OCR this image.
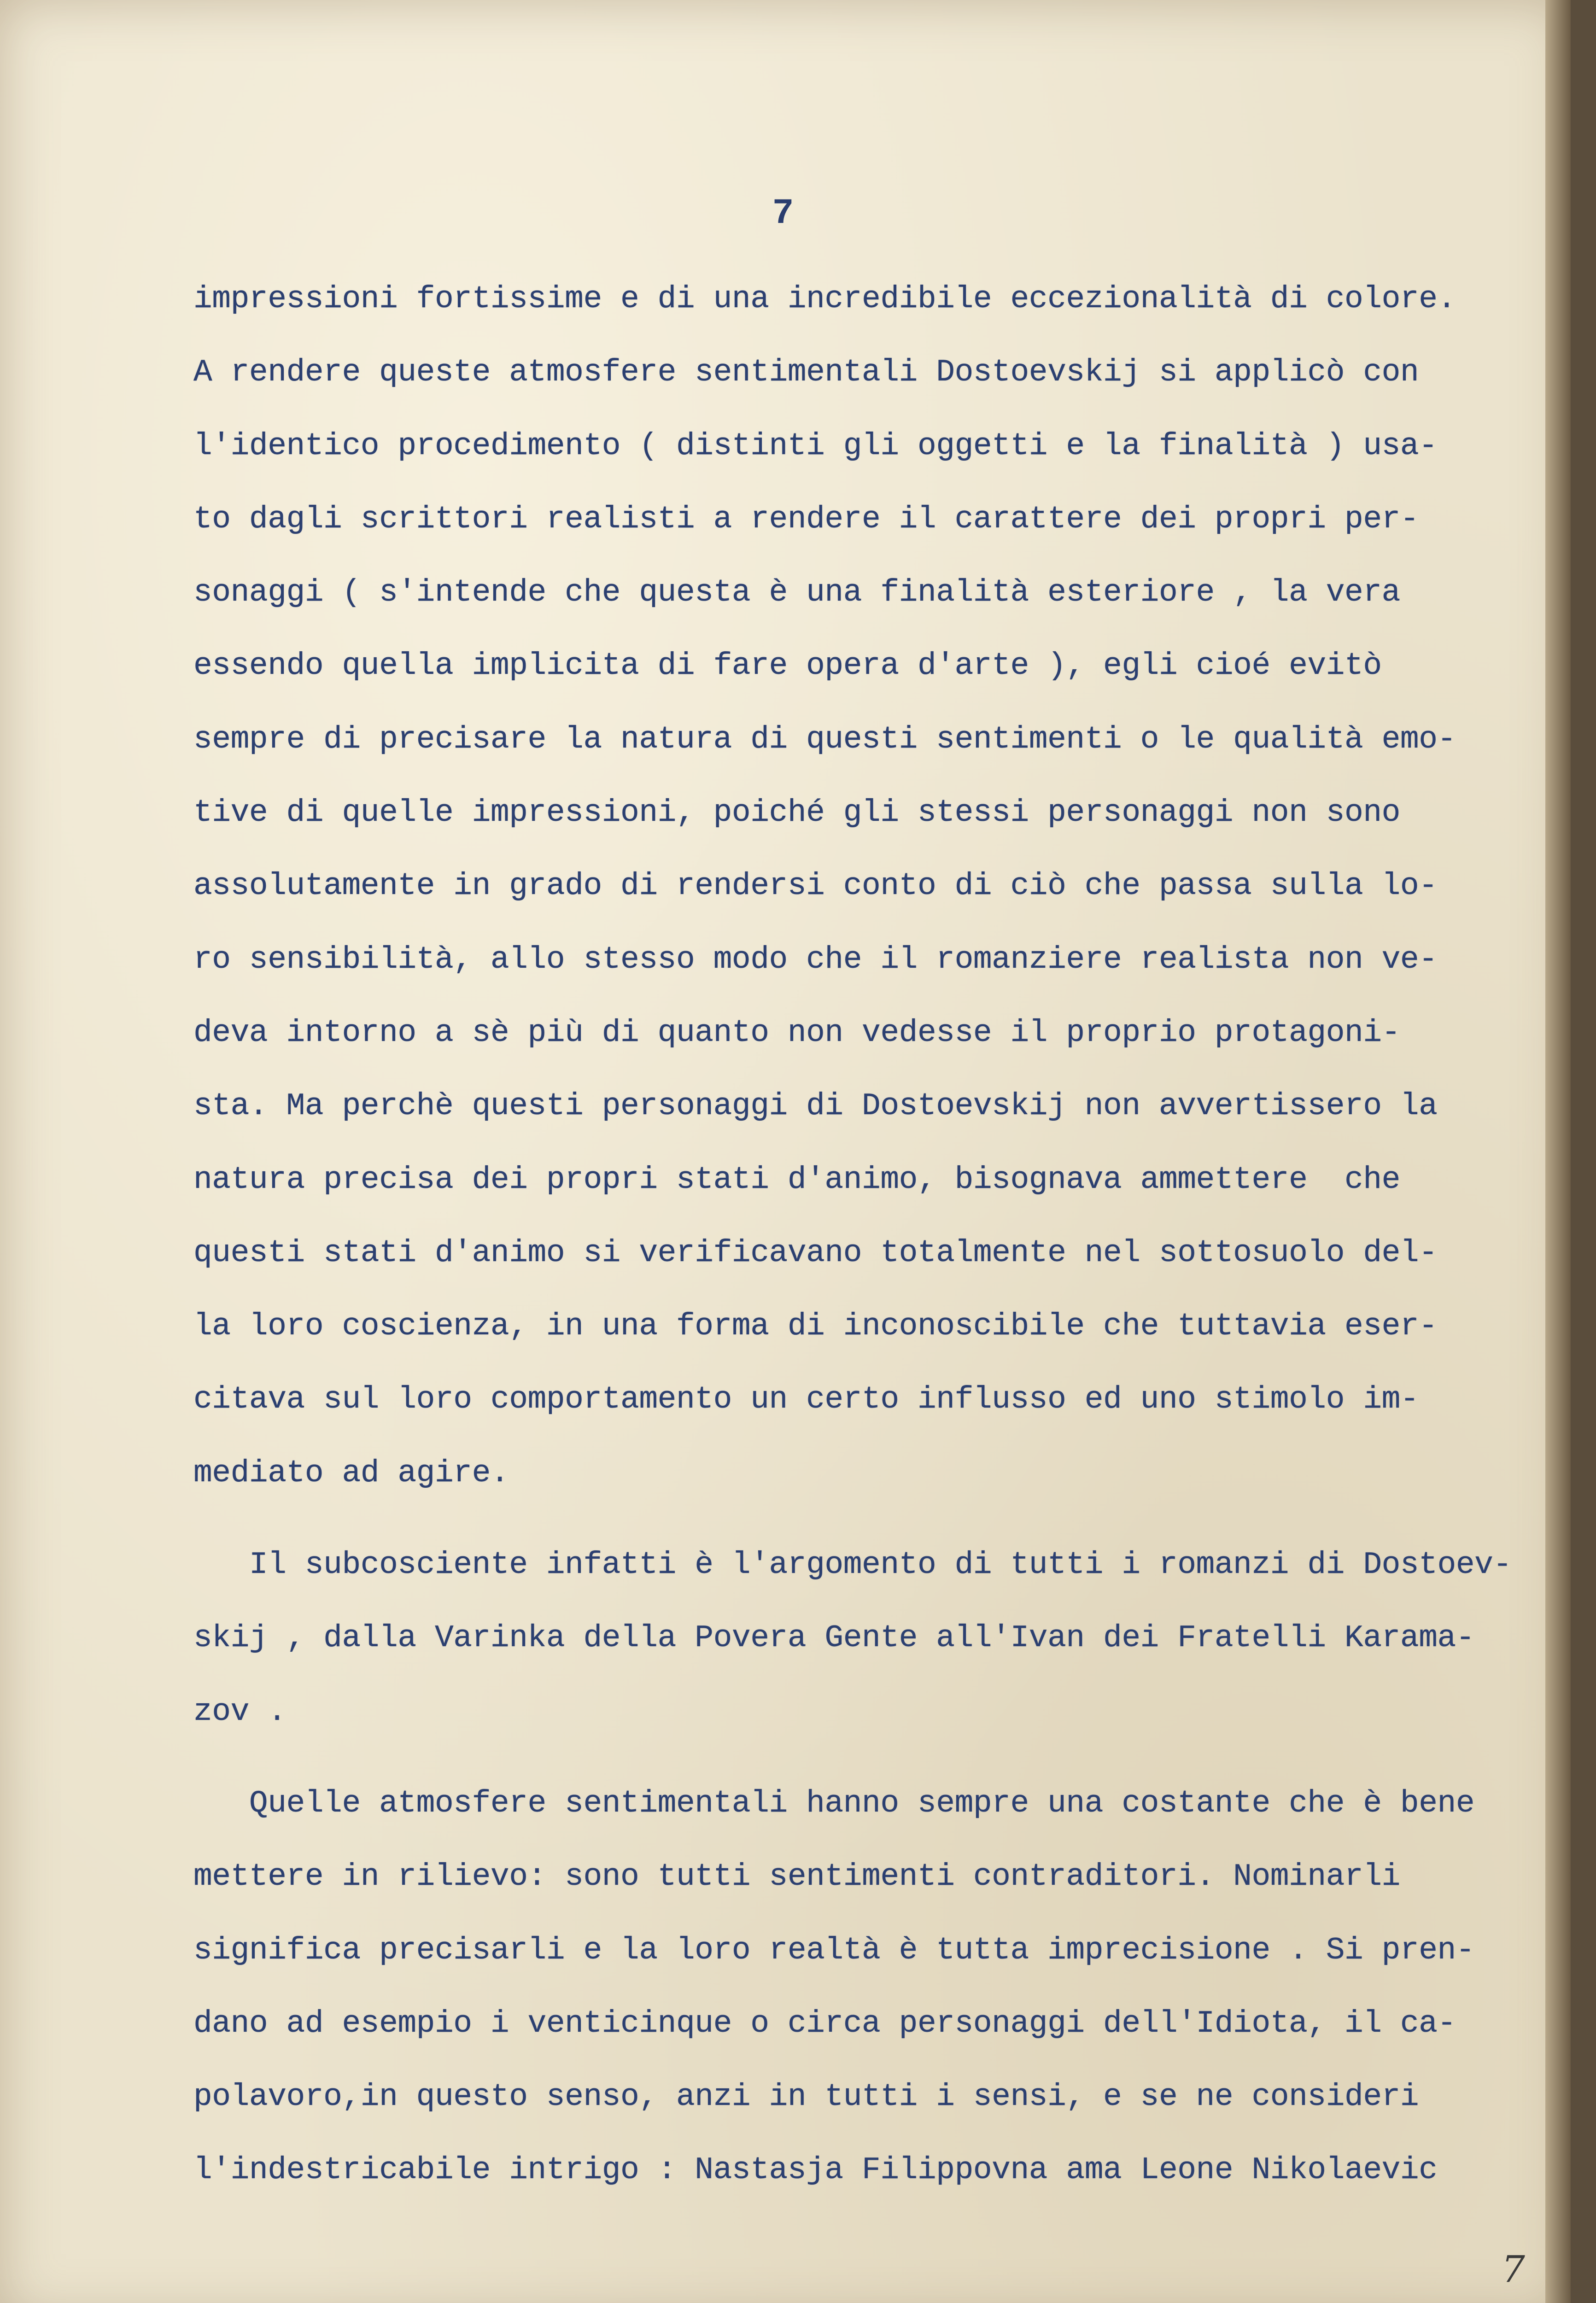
7
impressioni fortissime e di una incredibile eccezionalità di colore.
A rendere queste atmosfere sentimentali Dostoevskij si applicò con
l'identico procedimento ( distinti gli oggetti e la finalità ) usa-
to dagli scrittori realisti a rendere il carattere dei propri per-
sonaggi ( s'intende che questa è una finalità esteriore , la vera
essendo quella implicita di fare opera d'arte ), egli cioé evitò
sempre di precisare la natura di questi sentimenti o le qualità emo-
tive di quelle impressioni, poiché gli stessi personaggi non sono
assolutamente in grado di rendersi conto di ciò che passa sulla lo-
ro sensibilità, allo stesso modo che il romanziere realista non ve-
deva intorno a sè più di quanto non vedesse il proprio protagoni-
sta. Ma perchè questi personaggi di Dostoevskij non avvertissero la
natura precisa dei propri stati d'animo, bisognava ammettere  che
questi stati d'animo si verificavano totalmente nel sottosuolo del-
la loro coscienza, in una forma di inconoscibile che tuttavia eser-
citava sul loro comportamento un certo influsso ed uno stimolo im-
mediato ad agire.
Il subcosciente infatti è l'argomento di tutti i romanzi di Dostoev-
skij , dalla Varinka della Povera Gente all'Ivan dei Fratelli Karama-
zov .
Quelle atmosfere sentimentali hanno sempre una costante che è bene
mettere in rilievo: sono tutti sentimenti contraditori. Nominarli
significa precisarli e la loro realtà è tutta imprecisione . Si pren-
dano ad esempio i venticinque o circa personaggi dell'Idiota, il ca-
polavoro,in questo senso, anzi in tutti i sensi, e se ne consideri
l'indestricabile intrigo : Nastasja Filippovna ama Leone Nikolaevic
7
